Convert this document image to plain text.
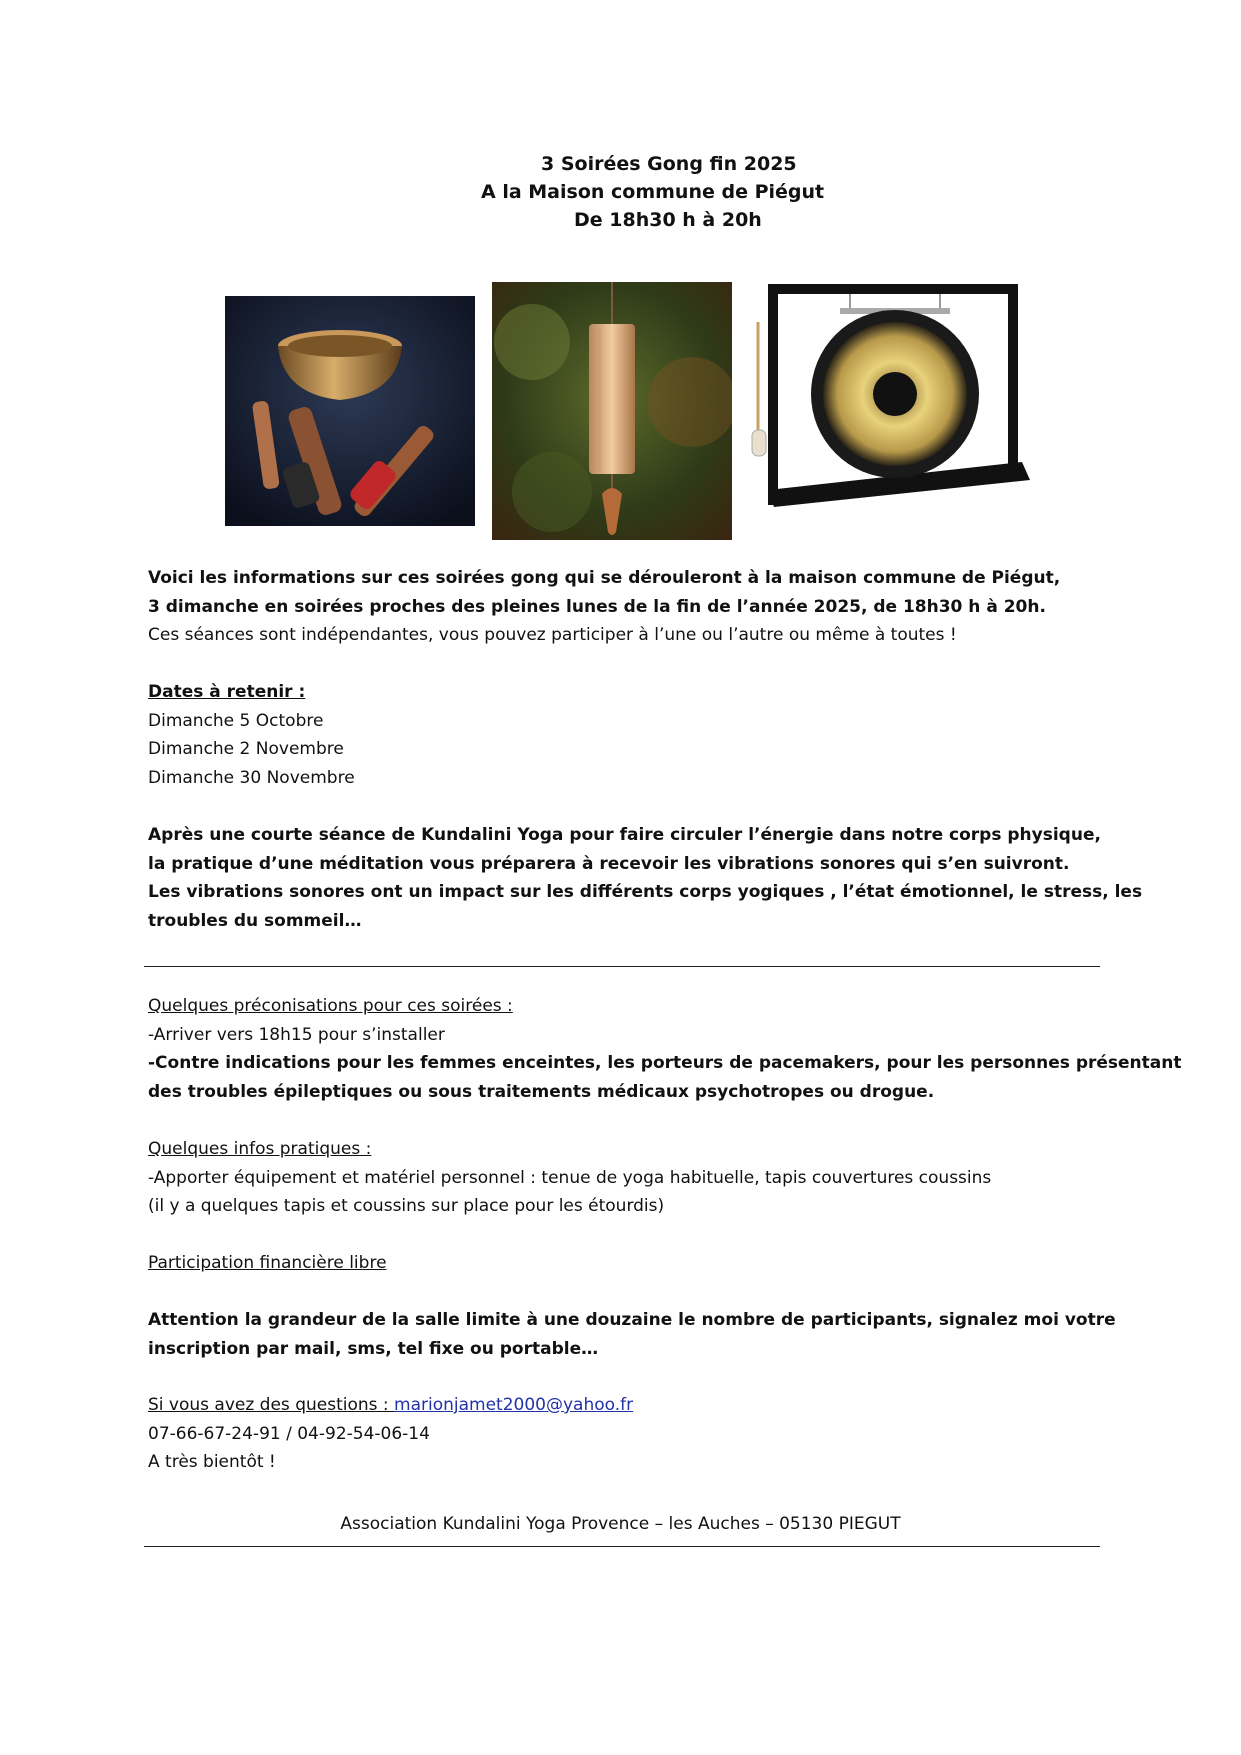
3 Soirées Gong fin 2025
A la Maison commune de Piégut
De 18h30 h à 20h

Voici les informations sur ces soirées gong qui se dérouleront à la maison commune de Piégut,

3 dimanche en soirées proches des pleines lunes de la fin de l’année 2025, de 18h30 h à 20h.

Ces séances sont indépendantes, vous pouvez participer à l’une ou l’autre ou même à toutes !

Dates à retenir :

Dimanche 5 Octobre

Dimanche 2 Novembre

Dimanche 30 Novembre

Après une courte séance de Kundalini Yoga pour faire circuler l’énergie dans notre corps physique,

la pratique d’une méditation vous préparera à recevoir les vibrations sonores qui s’en suivront.

Les vibrations sonores ont un impact sur les différents corps yogiques , l’état émotionnel, le stress, les

troubles du sommeil…

Quelques préconisations pour ces soirées :

-Arriver vers 18h15 pour s’installer

-Contre indications pour les femmes enceintes, les porteurs de pacemakers, pour les personnes présentant

des troubles épileptiques ou sous traitements médicaux psychotropes ou drogue.

Quelques infos pratiques :

-Apporter équipement et matériel personnel : tenue de yoga habituelle, tapis couvertures coussins

(il y a quelques tapis et coussins sur place pour les étourdis)

Participation financière libre

Attention la grandeur de la salle limite à une douzaine le nombre de participants, signalez moi votre

inscription par mail, sms, tel fixe ou portable…

Si vous avez des questions : marionjamet2000@yahoo.fr

07-66-67-24-91 / 04-92-54-06-14

A très bientôt !

Association Kundalini Yoga Provence – les Auches – 05130 PIEGUT
